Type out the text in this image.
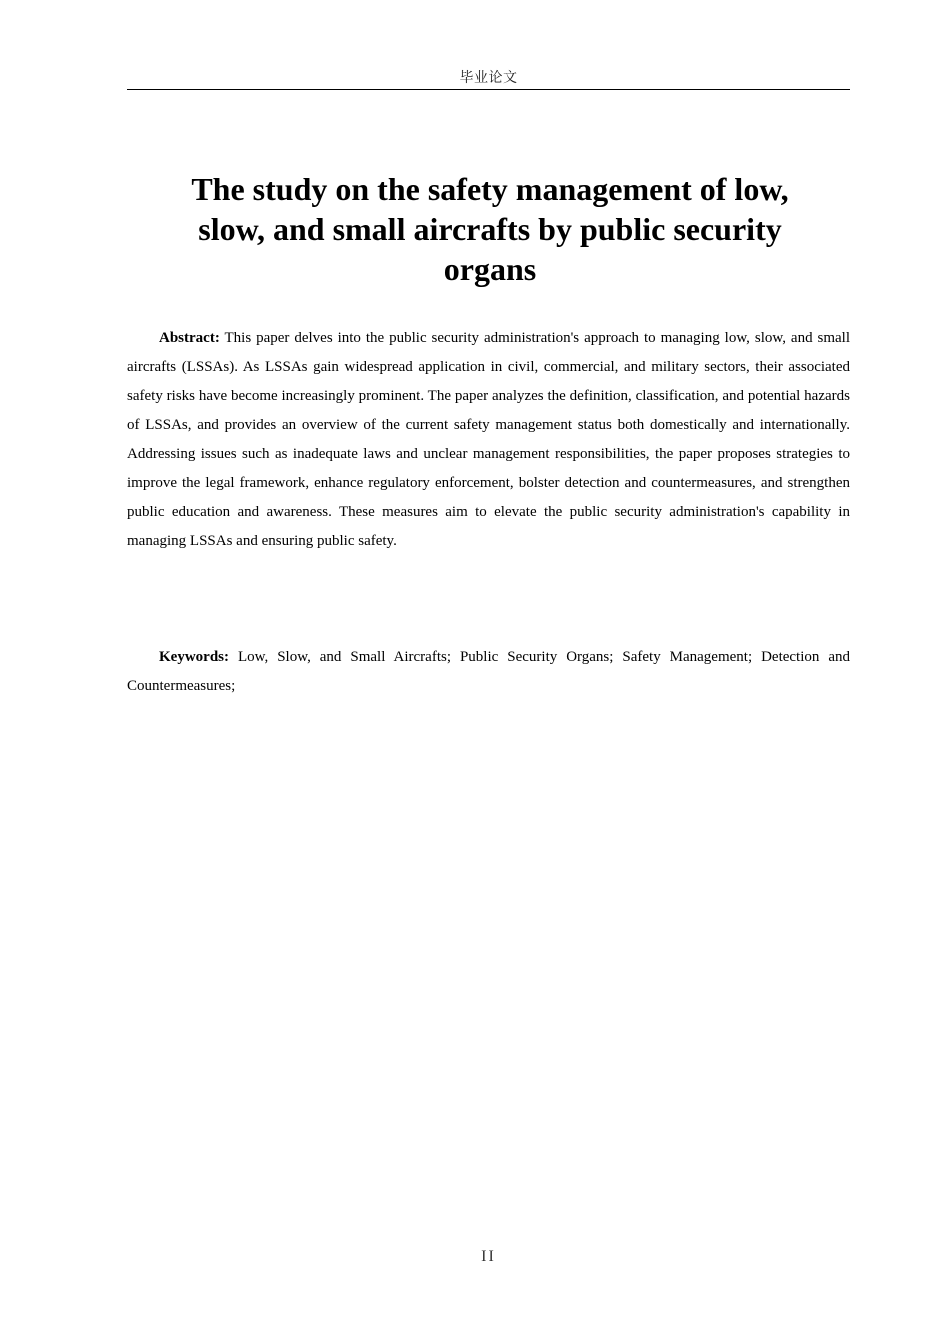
毕业论文
The study on the safety management of low, slow, and small aircrafts by public security organs

Abstract: This paper delves into the public security administration's approach to managing low, slow, and small aircrafts (LSSAs). As LSSAs gain widespread application in civil, commercial, and military sectors, their associated safety risks have become increasingly prominent. The paper analyzes the definition, classification, and potential hazards of LSSAs, and provides an overview of the current safety management status both domestically and internationally. Addressing issues such as inadequate laws and unclear management responsibilities, the paper proposes strategies to improve the legal framework, enhance regulatory enforcement, bolster detection and countermeasures, and strengthen public education and awareness. These measures aim to elevate the public security administration's capability in managing LSSAs and ensuring public safety.

Keywords: Low, Slow, and Small Aircrafts; Public Security Organs; Safety Management; Detection and Countermeasures;

II
